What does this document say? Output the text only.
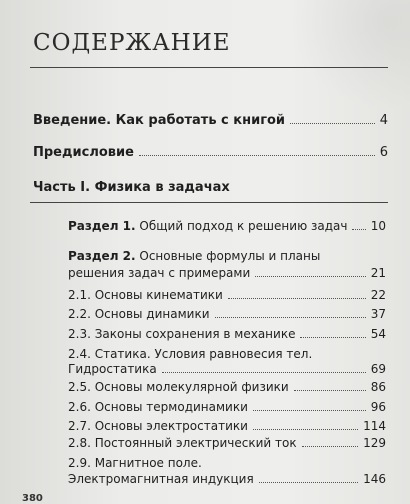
СОДЕРЖАНИЕ
Введение. Как работать с книгой	4
Предисловие	6
Часть I. Физика в задачах
Раздел 1. Общий подход к решению задач 10
Раздел 2. Основные формулы и планы
решения задач с примерами	21
2.1. Основы кинематики	22
2.2. Основы динамики	37
2.3. Законы сохранения в механике	54
2.4. Статика. Условия равновесия тел.
Гидростатика	69
2.5. Основы молекулярной физики	86
2.6. Основы термодинамики	96
2.7. Основы электростатики	114
2.8. Постоянный электрический ток	129
2.9. Магнитное поле.
Электромагнитная индукция	146
380
